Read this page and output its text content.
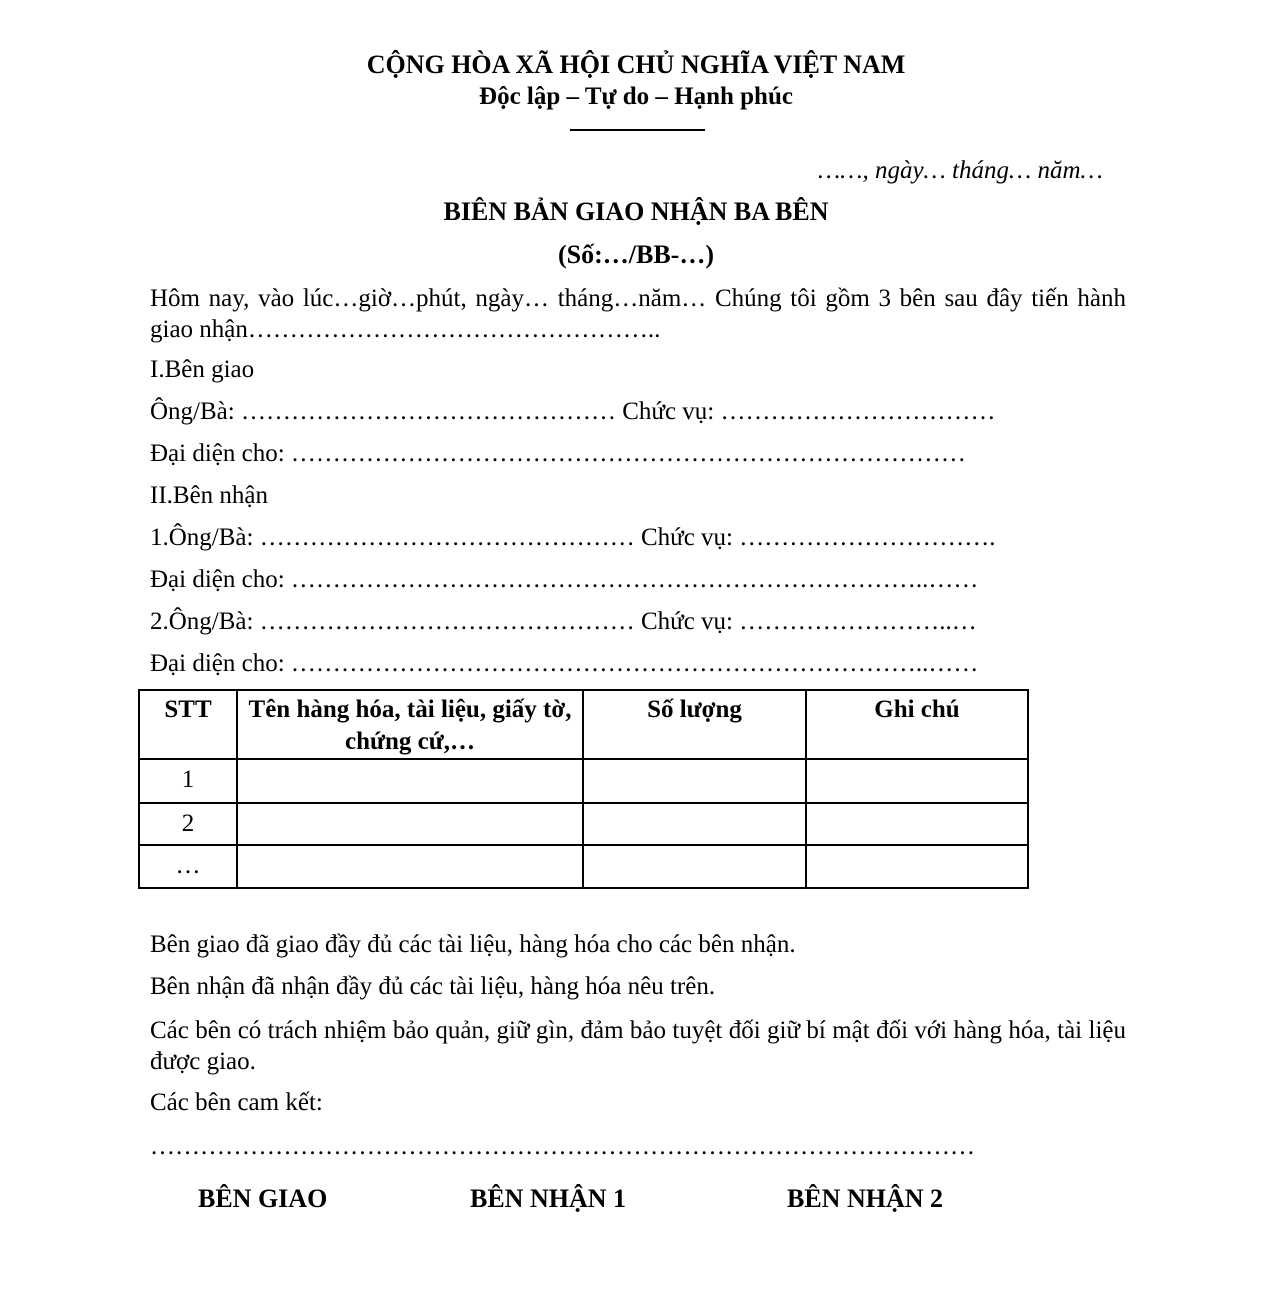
CỘNG HÒA XÃ HỘI CHỦ NGHĨA VIỆT NAM
Độc lập – Tự do – Hạnh phúc
……, ngày… tháng… năm…
BIÊN BẢN GIAO NHẬN BA BÊN
(Số:…/BB-…)
Hôm nay, vào lúc…giờ…phút, ngày… tháng…năm… Chúng tôi gồm 3 bên sau đây tiến hành giao nhận…………………………………………..
I.Bên giao
Ông/Bà: ……………………………………… Chức vụ: ……………………………
Đại diện cho: ………………………………………………………………………
II.Bên nhận
1.Ông/Bà: ……………………………………… Chức vụ: ………………………….
Đại diện cho: …………………………………………………………………..……
2.Ông/Bà: ……………………………………… Chức vụ: ……………………..…
Đại diện cho: …………………………………………………………………..……
STT	Tên hàng hóa, tài liệu, giấy tờ, chứng cứ,…	Số lượng	Ghi chú
1			
2			
…			
Bên giao đã giao đầy đủ các tài liệu, hàng hóa cho các bên nhận.
Bên nhận đã nhận đầy đủ các tài liệu, hàng hóa nêu trên.
Các bên có trách nhiệm bảo quản, giữ gìn, đảm bảo tuyệt đối giữ bí mật đối với hàng hóa, tài liệu được giao.
Các bên cam kết:
………………………………………………………………………………………
BÊN GIAO	BÊN NHẬN 1	BÊN NHẬN 2
